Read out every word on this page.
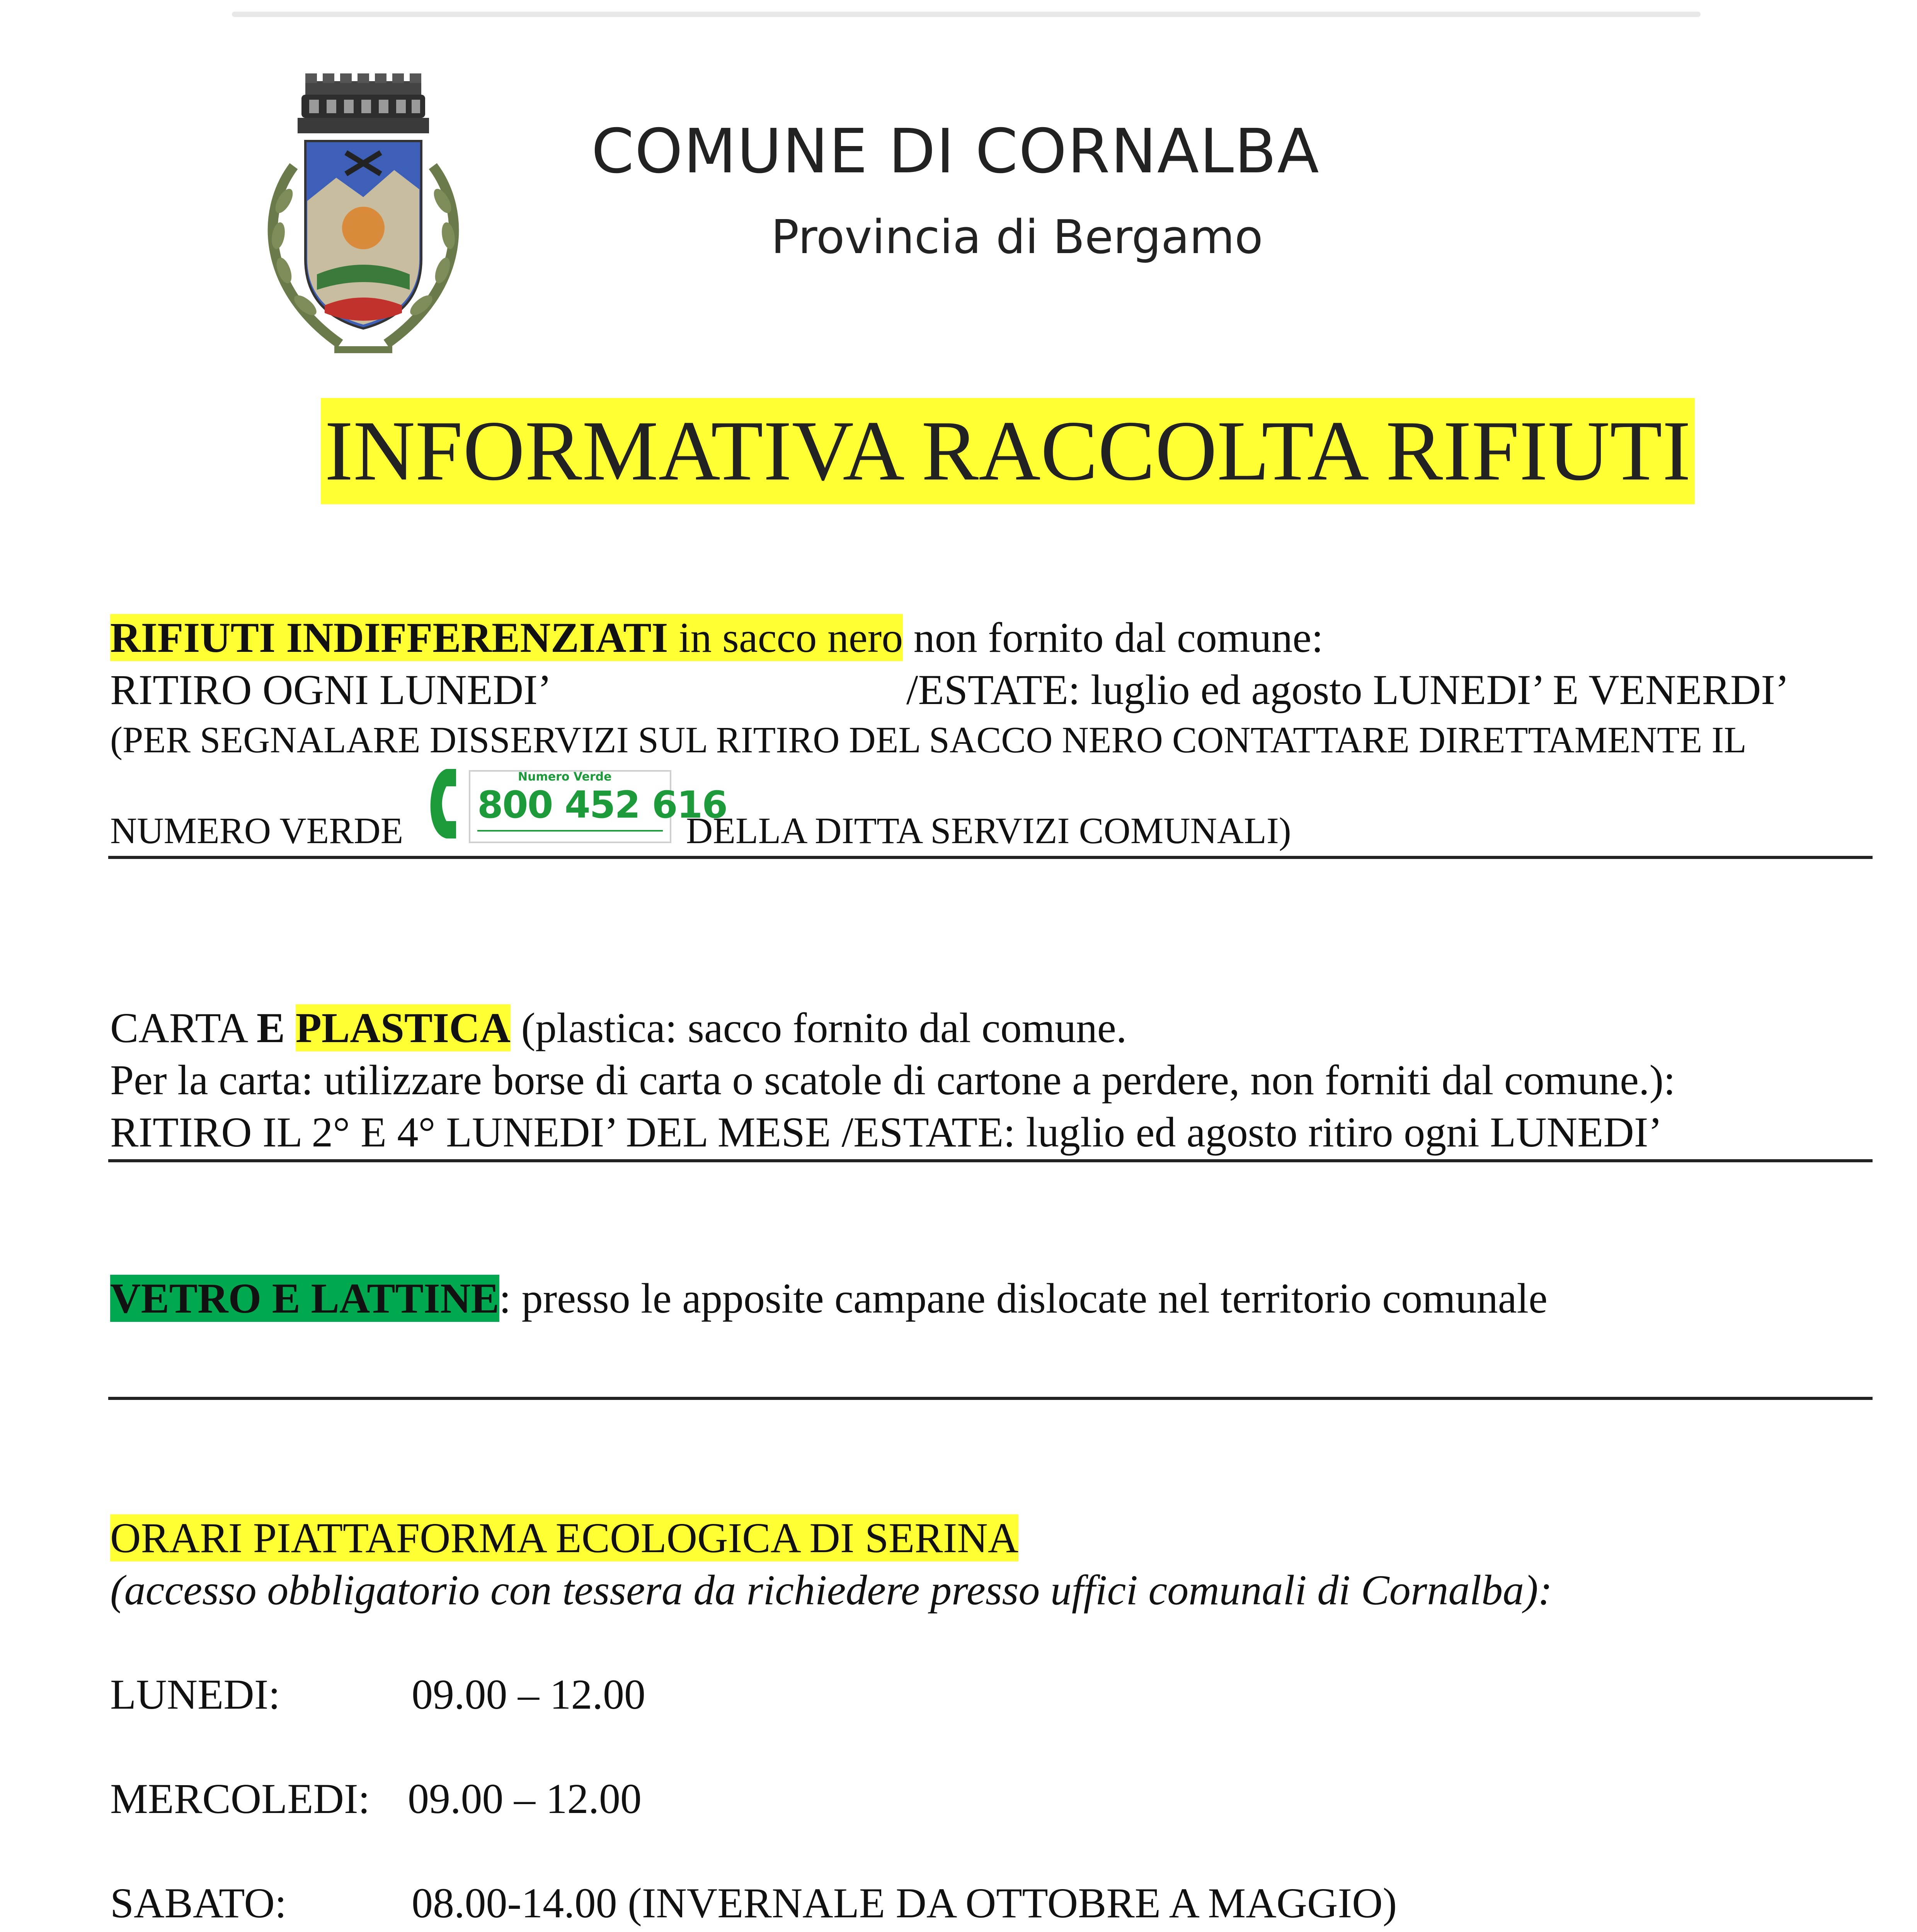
COMUNE DI CORNALBA
Provincia di Bergamo
INFORMATIVA RACCOLTA RIFIUTI
RIFIUTI INDIFFERENZIATI in sacco nero non fornito dal comune:
RITIRO OGNI LUNEDI’	/ESTATE: luglio ed agosto LUNEDI’ E VENERDI’
(PER SEGNALARE DISSERVIZI SUL RITIRO DEL SACCO NERO CONTATTARE DIRETTAMENTE IL
NUMERO VERDE
Numero Verde
800 452 616
DELLA DITTA SERVIZI COMUNALI)
CARTA E PLASTICA (plastica: sacco fornito dal comune.
Per la carta: utilizzare borse di carta o scatole di cartone a perdere, non forniti dal comune.):
RITIRO IL 2° E 4° LUNEDI’ DEL MESE /ESTATE: luglio ed agosto ritiro ogni LUNEDI’
VETRO E LATTINE: presso le apposite campane dislocate nel territorio comunale
ORARI PIATTAFORMA ECOLOGICA DI SERINA
(accesso obbligatorio con tessera da richiedere presso uffici comunali di Cornalba):
LUNEDI:	09.00 – 12.00
MERCOLEDI: 09.00 – 12.00
SABATO:	08.00-14.00 (INVERNALE DA OTTOBRE A MAGGIO)
